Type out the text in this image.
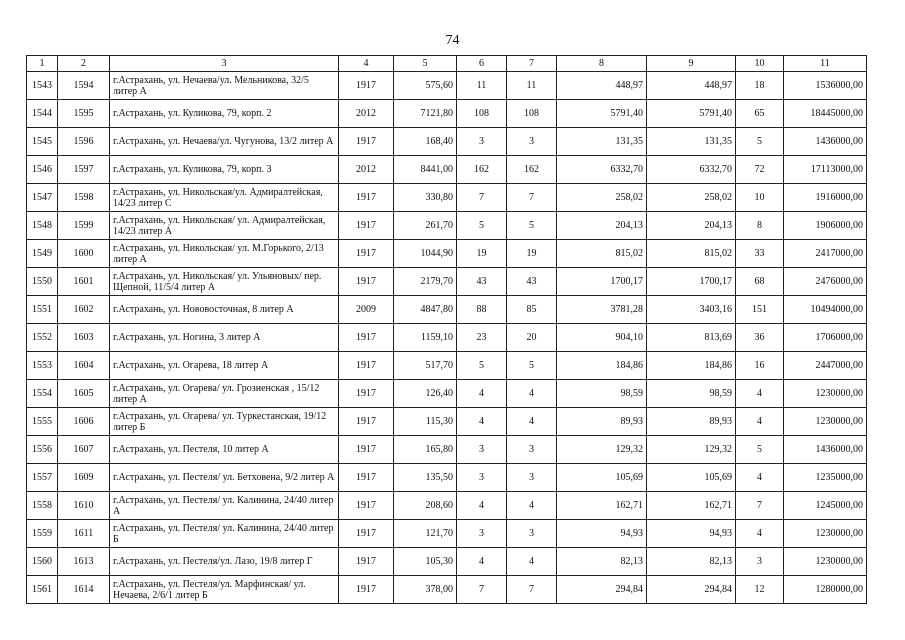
74
1	2	3	4	5	6	7	8	9	10	11
1543	1594	г.Астрахань, ул. Нечаева/ул. Мельникова, 32/5 литер А	1917	575,60	11	11	448,97	448,97	18	1536000,00
1544	1595	г.Астрахань, ул. Куликова, 79, корп. 2	2012	7121,80	108	108	5791,40	5791,40	65	18445000,00
1545	1596	г.Астрахань, ул. Нечаева/ул. Чугунова, 13/2 литер А	1917	168,40	3	3	131,35	131,35	5	1436000,00
1546	1597	г.Астрахань, ул. Куликова, 79, корп. 3	2012	8441,00	162	162	6332,70	6332,70	72	17113000,00
1547	1598	г.Астрахань, ул. Никольская/ул. Адмиралтейская, 14/23 литер С	1917	330,80	7	7	258,02	258,02	10	1916000,00
1548	1599	г.Астрахань, ул. Никольская/ ул. Адмиралтейская, 14/23 литер А	1917	261,70	5	5	204,13	204,13	8	1906000,00
1549	1600	г.Астрахань, ул. Никольская/ ул. М.Горького, 2/13 литер А	1917	1044,90	19	19	815,02	815,02	33	2417000,00
1550	1601	г.Астрахань, ул. Никольская/ ул. Ульяновых/ пер. Щепной, 11/5/4 литер А	1917	2179,70	43	43	1700,17	1700,17	68	2476000,00
1551	1602	г.Астрахань, ул. Нововосточная, 8 литер А	2009	4847,80	88	85	3781,28	3403,16	151	10494000,00
1552	1603	г.Астрахань, ул. Ногина, 3 литер А	1917	1159,10	23	20	904,10	813,69	36	1706000,00
1553	1604	г.Астрахань, ул. Огарева, 18 литер А	1917	517,70	5	5	184,86	184,86	16	2447000,00
1554	1605	г.Астрахань, ул. Огарева/ ул. Грозненская , 15/12 литер А	1917	126,40	4	4	98,59	98,59	4	1230000,00
1555	1606	г.Астрахань, ул. Огарева/ ул. Туркестанская, 19/12 литер Б	1917	115,30	4	4	89,93	89,93	4	1230000,00
1556	1607	г.Астрахань, ул. Пестеля, 10 литер А	1917	165,80	3	3	129,32	129,32	5	1436000,00
1557	1609	г.Астрахань, ул. Пестеля/ ул. Бетховена, 9/2 литер А	1917	135,50	3	3	105,69	105,69	4	1235000,00
1558	1610	г.Астрахань, ул. Пестеля/ ул. Калинина, 24/40 литер А	1917	208,60	4	4	162,71	162,71	7	1245000,00
1559	1611	г.Астрахань, ул. Пестеля/ ул. Калинина, 24/40 литер Б	1917	121,70	3	3	94,93	94,93	4	1230000,00
1560	1613	г.Астрахань, ул. Пестеля/ул. Лазо, 19/8 литер Г	1917	105,30	4	4	82,13	82,13	3	1230000,00
1561	1614	г.Астрахань, ул. Пестеля/ул. Марфинская/ ул. Нечаева, 2/6/1 литер Б	1917	378,00	7	7	294,84	294,84	12	1280000,00
